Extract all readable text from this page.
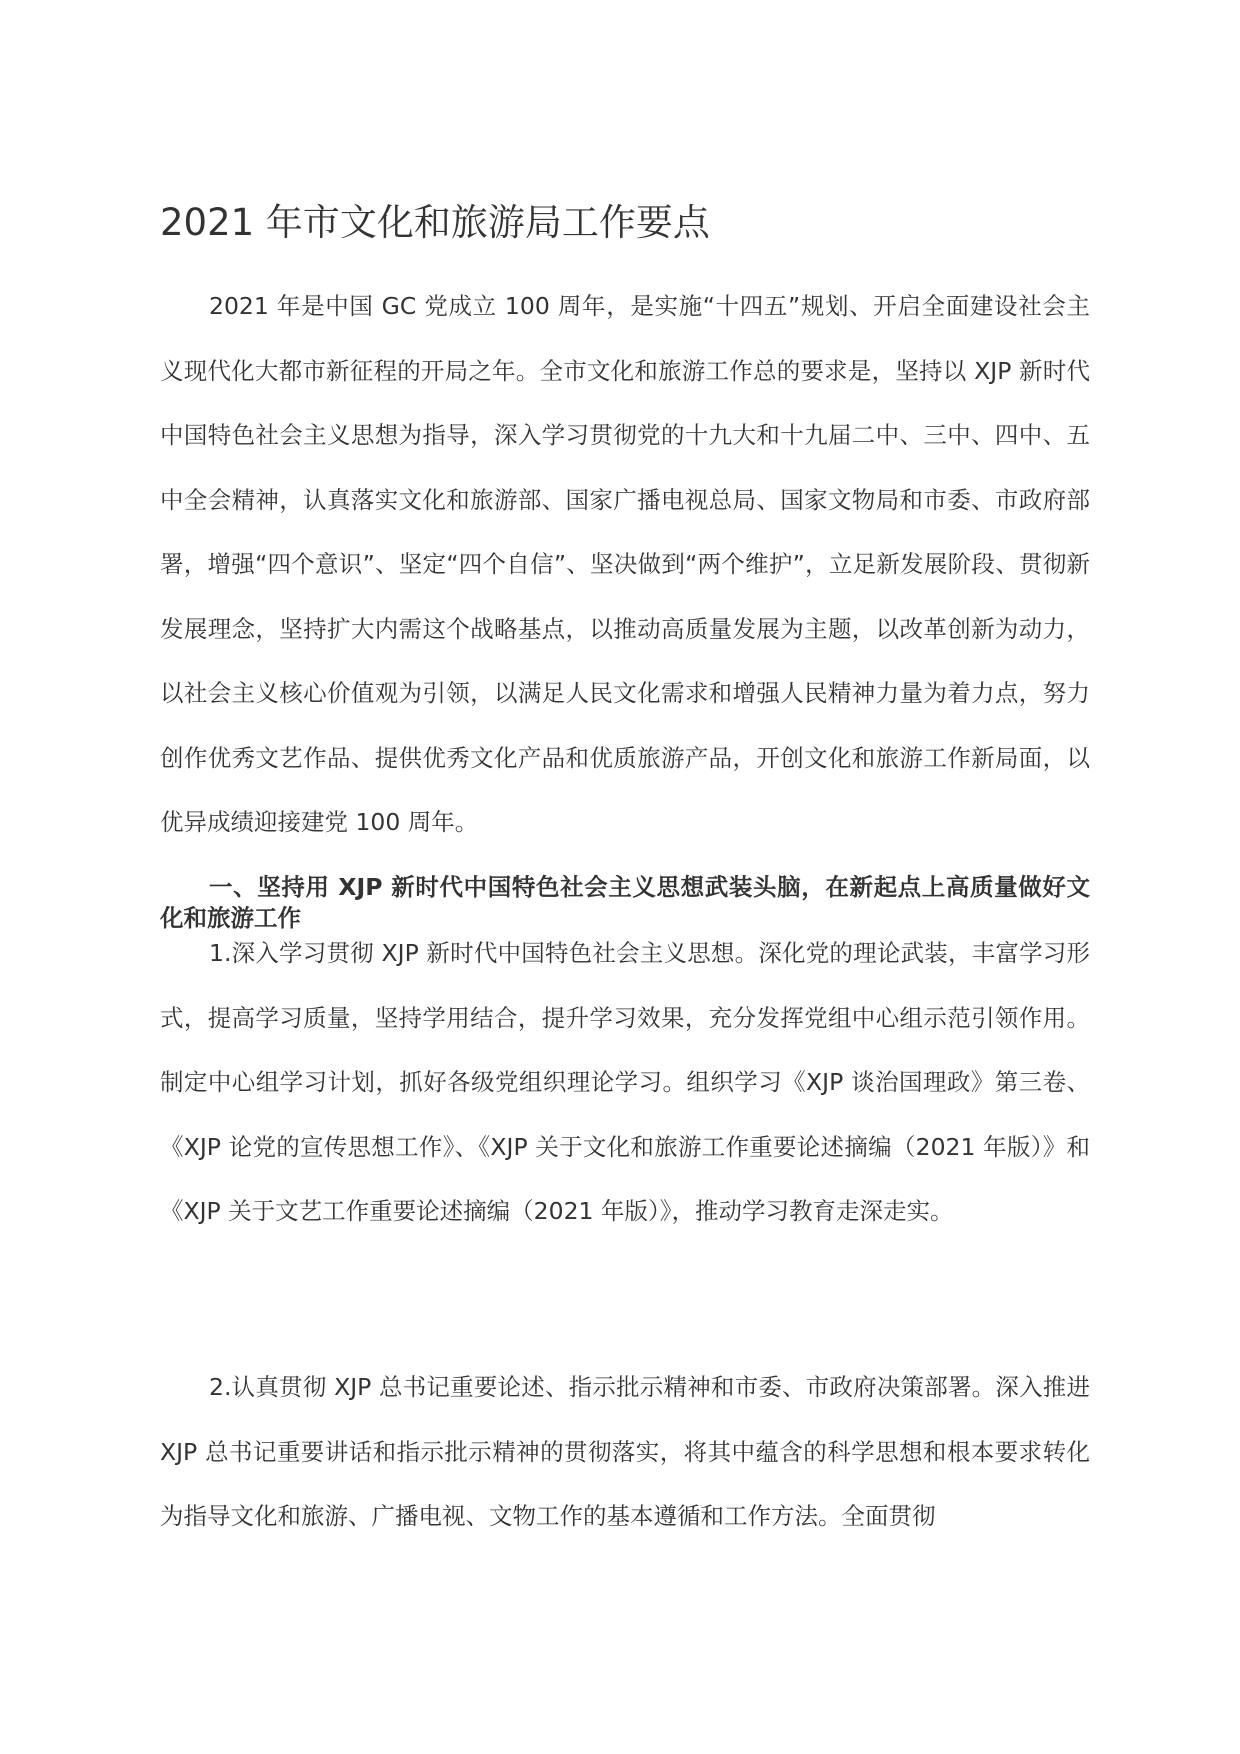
2021 年市文化和旅游局工作要点

2021 年是中国 GC 党成立 100 周年，是实施“十四五”规划、开启全面建设社会主义现代化大都市新征程的开局之年。全市文化和旅游工作总的要求是，坚持以 XJP 新时代中国特色社会主义思想为指导，深入学习贯彻党的十九大和十九届二中、三中、四中、五中全会精神，认真落实文化和旅游部、国家广播电视总局、国家文物局和市委、市政府部署，增强“四个意识”、坚定“四个自信”、坚决做到“两个维护”，立足新发展阶段、贯彻新发展理念，坚持扩大内需这个战略基点，以推动高质量发展为主题，以改革创新为动力，以社会主义核心价值观为引领，以满足人民文化需求和增强人民精神力量为着力点，努力创作优秀文艺作品、提供优秀文化产品和优质旅游产品，开创文化和旅游工作新局面，以优异成绩迎接建党 100 周年。

一、坚持用 XJP 新时代中国特色社会主义思想武装头脑，在新起点上高质量做好文化和旅游工作

1.深入学习贯彻 XJP 新时代中国特色社会主义思想。深化党的理论武装，丰富学习形式，提高学习质量，坚持学用结合，提升学习效果，充分发挥党组中心组示范引领作用。制定中心组学习计划，抓好各级党组织理论学习。组织学习《XJP 谈治国理政》第三卷、《XJP 论党的宣传思想工作》、《XJP 关于文化和旅游工作重要论述摘编（2021 年版）》和《XJP 关于文艺工作重要论述摘编（2021 年版）》，推动学习教育走深走实。

2.认真贯彻 XJP 总书记重要论述、指示批示精神和市委、市政府决策部署。深入推进 XJP 总书记重要讲话和指示批示精神的贯彻落实，将其中蕴含的科学思想和根本要求转化为指导文化和旅游、广播电视、文物工作的基本遵循和工作方法。全面贯彻
